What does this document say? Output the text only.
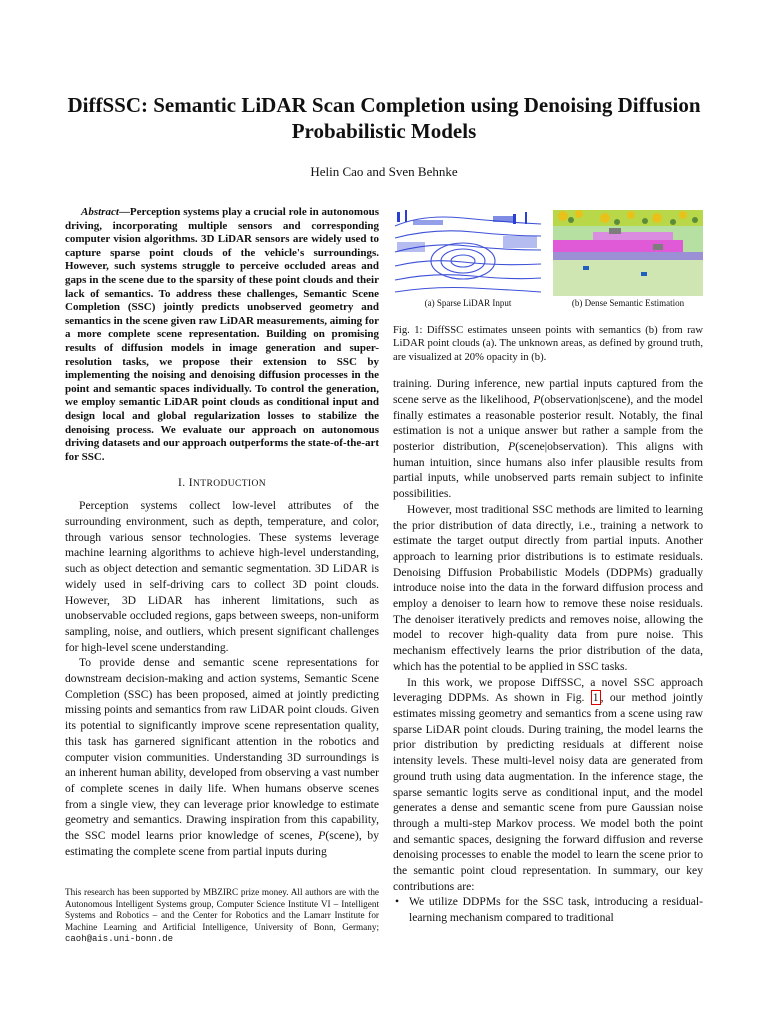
DiffSSC: Semantic LiDAR Scan Completion using Denoising Diffusion Probabilistic Models
Helin Cao and Sven Behnke

Abstract—Perception systems play a crucial role in autonomous driving, incorporating multiple sensors and corresponding computer vision algorithms. 3D LiDAR sensors are widely used to capture sparse point clouds of the vehicle's surroundings. However, such systems struggle to perceive occluded areas and gaps in the scene due to the sparsity of these point clouds and their lack of semantics. To address these challenges, Semantic Scene Completion (SSC) jointly predicts unobserved geometry and semantics in the scene given raw LiDAR measurements, aiming for a more complete scene representation. Building on promising results of diffusion models in image generation and super-resolution tasks, we propose their extension to SSC by implementing the noising and denoising diffusion processes in the point and semantic spaces individually. To control the generation, we employ semantic LiDAR point clouds as conditional input and design local and global regularization losses to stabilize the denoising process. We evaluate our approach on autonomous driving datasets and our approach outperforms the state-of-the-art for SSC.

I. INTRODUCTION

Perception systems collect low-level attributes of the surrounding environment, such as depth, temperature, and color, through various sensor technologies. These systems leverage machine learning algorithms to achieve high-level understanding, such as object detection and semantic segmentation. 3D LiDAR is widely used in self-driving cars to collect 3D point clouds. However, 3D LiDAR has inherent limitations, such as unobservable occluded regions, gaps between sweeps, non-uniform sampling, noise, and outliers, which present significant challenges for high-level scene understanding.

To provide dense and semantic scene representations for downstream decision-making and action systems, Semantic Scene Completion (SSC) has been proposed, aimed at jointly predicting missing points and semantics from raw LiDAR point clouds. Given its potential to significantly improve scene representation quality, this task has garnered significant attention in the robotics and computer vision communities. Understanding 3D surroundings is an inherent human ability, developed from observing a vast number of complete scenes in daily life. When humans observe scenes from a single view, they can leverage prior knowledge to estimate geometry and semantics. Drawing inspiration from this capability, the SSC model learns prior knowledge of scenes, P(scene), by estimating the complete scene from partial inputs during

This research has been supported by MBZIRC prize money. All authors are with the Autonomous Intelligent Systems group, Computer Science Institute VI – Intelligent Systems and Robotics – and the Center for Robotics and the Lamarr Institute for Machine Learning and Artificial Intelligence, University of Bonn, Germany; caoh@ais.uni-bonn.de
(a) Sparse LiDAR Input	(b) Dense Semantic Estimation

Fig. 1: DiffSSC estimates unseen points with semantics (b) from raw LiDAR point clouds (a). The unknown areas, as defined by ground truth, are visualized at 20% opacity in (b).

training. During inference, new partial inputs captured from the scene serve as the likelihood, P(observation|scene), and the model finally estimates a reasonable posterior result. Notably, the final estimation is not a unique answer but rather a sample from the posterior distribution, P(scene|observation). This aligns with human intuition, since humans also infer plausible results from partial inputs, while unobserved parts remain subject to infinite possibilities.

However, most traditional SSC methods are limited to learning the prior distribution of data directly, i.e., training a network to estimate the target output directly from partial inputs. Another approach to learning prior distributions is to estimate residuals. Denoising Diffusion Probabilistic Models (DDPMs) gradually introduce noise into the data in the forward diffusion process and employ a denoiser to learn how to remove these noise residuals. The denoiser iteratively predicts and removes noise, allowing the model to recover high-quality data from pure noise. This mechanism effectively learns the prior distribution of the data, which has the potential to be applied in SSC tasks.

In this work, we propose DiffSSC, a novel SSC approach leveraging DDPMs. As shown in Fig. 1 , our method jointly estimates missing geometry and semantics from a scene using raw sparse LiDAR point clouds. During training, the model learns the prior distribution by predicting residuals at different noise intensity levels. These multi-level noisy data are generated from ground truth using data augmentation. In the inference stage, the sparse semantic logits serve as conditional input, and the model generates a dense and semantic scene from pure Gaussian noise through a multi-step Markov process. We model both the point and semantic spaces, designing the forward diffusion and reverse denoising processes to enable the model to learn the scene prior to the semantic point cloud representation. In summary, our key contributions are:

• We utilize DDPMs for the SSC task, introducing a residual-learning mechanism compared to traditional
